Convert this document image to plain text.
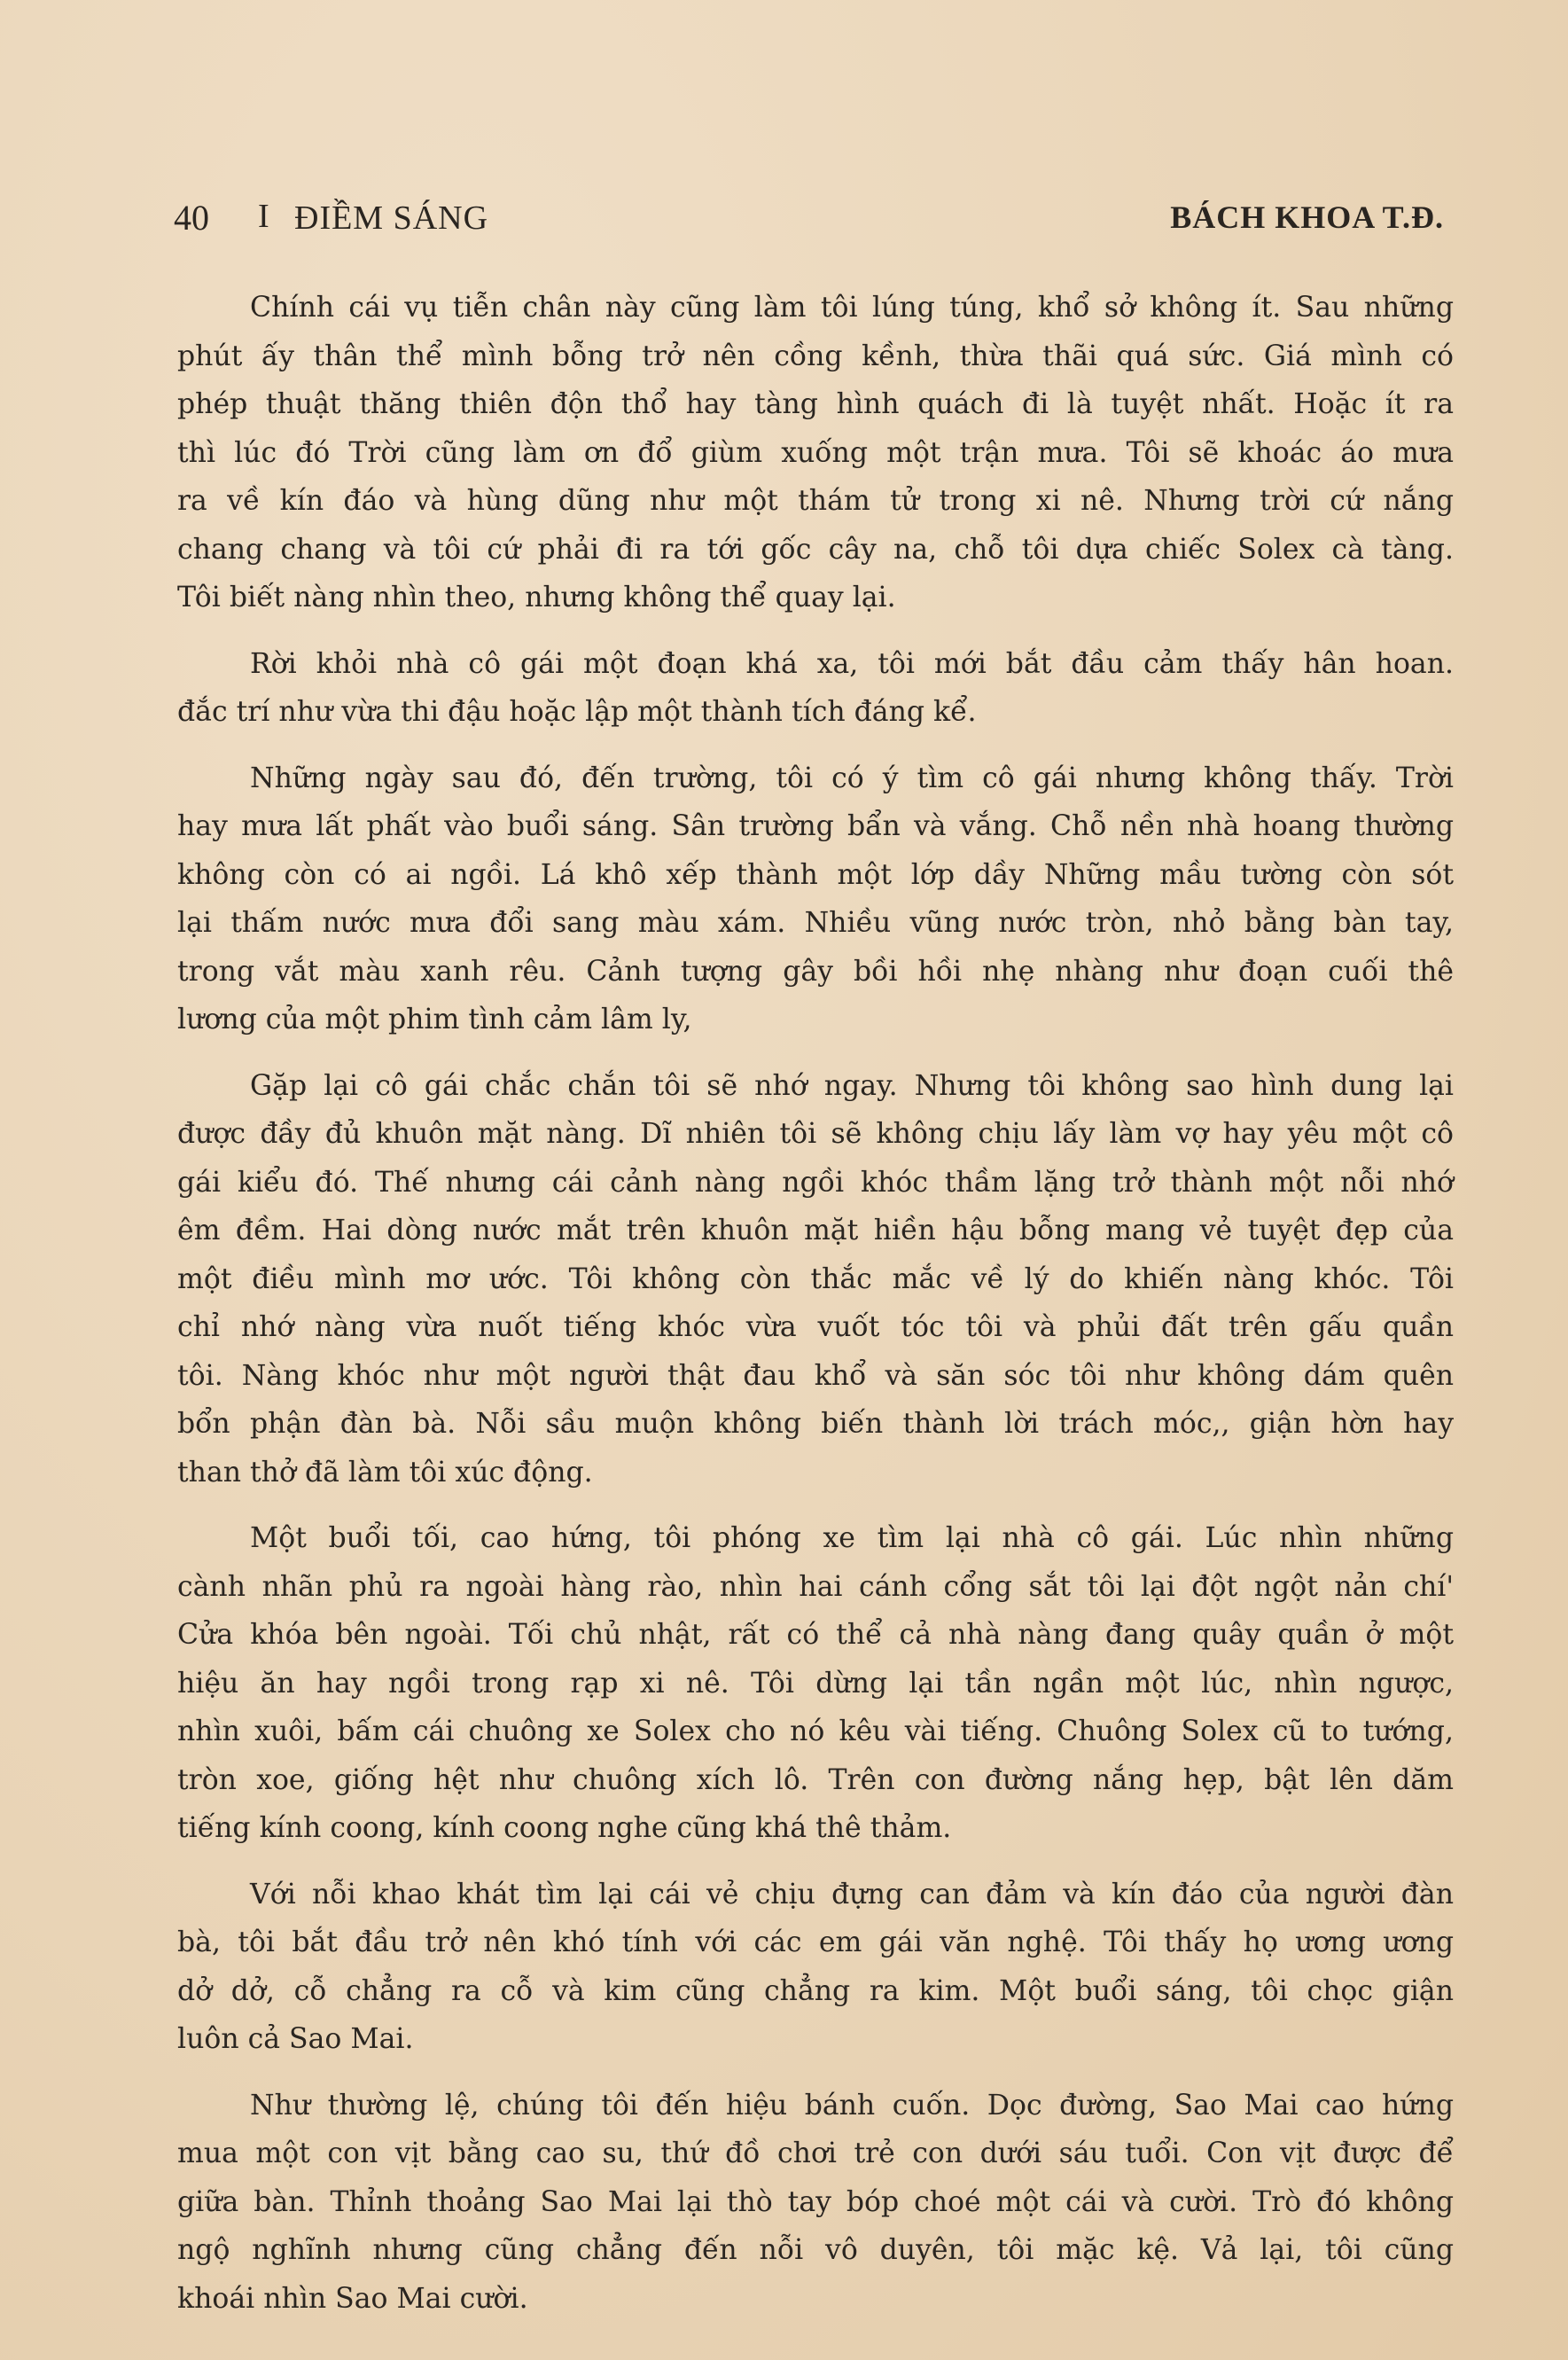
40 I ĐIỀM SÁNG	BÁCH KHOA T.Đ.
Chính cái vụ tiễn chân này cũng làm tôi lúng túng, khổ sở không ít. Sau những
phút ấy thân thể mình bỗng trở nên cồng kềnh, thừa thãi quá sức. Giá mình có
phép thuật thăng thiên độn thổ hay tàng hình quách đi là tuyệt nhất. Hoặc ít ra
thì lúc đó Trời cũng làm ơn đổ giùm xuống một trận mưa. Tôi sẽ khoác áo mưa
ra về kín đáo và hùng dũng như một thám tử trong xi nê. Nhưng trời cứ nắng
chang chang và tôi cứ phải đi ra tới gốc cây na, chỗ tôi dựa chiếc Solex cà tàng.
Tôi biết nàng nhìn theo, nhưng không thể quay lại.
Rời khỏi nhà cô gái một đoạn khá xa, tôi mới bắt đầu cảm thấy hân hoan.
đắc trí như vừa thi đậu hoặc lập một thành tích đáng kể.
Những ngày sau đó, đến trường, tôi có ý tìm cô gái nhưng không thấy. Trời
hay mưa lất phất vào buổi sáng. Sân trường bẩn và vắng. Chỗ nền nhà hoang thường
không còn có ai ngồi. Lá khô xếp thành một lớp dầy Những mầu tường còn sót
lại thấm nước mưa đổi sang màu xám. Nhiều vũng nước tròn, nhỏ bằng bàn tay,
trong vắt màu xanh rêu. Cảnh tượng gây bồi hồi nhẹ nhàng như đoạn cuối thê
lương của một phim tình cảm lâm ly,
Gặp lại cô gái chắc chắn tôi sẽ nhớ ngay. Nhưng tôi không sao hình dung lại
được đầy đủ khuôn mặt nàng. Dĩ nhiên tôi sẽ không chịu lấy làm vợ hay yêu một cô
gái kiểu đó. Thế nhưng cái cảnh nàng ngồi khóc thầm lặng trở thành một nỗi nhớ
êm đềm. Hai dòng nước mắt trên khuôn mặt hiền hậu bỗng mang vẻ tuyệt đẹp của
một điều mình mơ ước. Tôi không còn thắc mắc về lý do khiến nàng khóc. Tôi
chỉ nhớ nàng vừa nuốt tiếng khóc vừa vuốt tóc tôi và phủi đất trên gấu quần
tôi. Nàng khóc như một người thật đau khổ và săn sóc tôi như không dám quên
bổn phận đàn bà. Nỗi sầu muộn không biến thành lời trách móc,, giận hờn hay
than thở đã làm tôi xúc động.
Một buổi tối, cao hứng, tôi phóng xe tìm lại nhà cô gái. Lúc nhìn những
cành nhãn phủ ra ngoài hàng rào, nhìn hai cánh cổng sắt tôi lại đột ngột nản chí'
Cửa khóa bên ngoài. Tối chủ nhật, rất có thể cả nhà nàng đang quây quần ở một
hiệu ăn hay ngồi trong rạp xi nê. Tôi dừng lại tần ngần một lúc, nhìn ngược,
nhìn xuôi, bấm cái chuông xe Solex cho nó kêu vài tiếng. Chuông Solex cũ to tướng,
tròn xoe, giống hệt như chuông xích lô. Trên con đường nắng hẹp, bật lên dăm
tiếng kính coong, kính coong nghe cũng khá thê thảm.
Với nỗi khao khát tìm lại cái vẻ chịu đựng can đảm và kín đáo của người đàn
bà, tôi bắt đầu trở nên khó tính với các em gái văn nghệ. Tôi thấy họ ương ương
dở dở, cỗ chẳng ra cỗ và kim cũng chẳng ra kim. Một buổi sáng, tôi chọc giận
luôn cả Sao Mai.
Như thường lệ, chúng tôi đến hiệu bánh cuốn. Dọc đường, Sao Mai cao hứng
mua một con vịt bằng cao su, thứ đồ chơi trẻ con dưới sáu tuổi. Con vịt được để
giữa bàn. Thỉnh thoảng Sao Mai lại thò tay bóp choé một cái và cười. Trò đó không
ngộ nghĩnh nhưng cũng chẳng đến nỗi vô duyên, tôi mặc kệ. Vả lại, tôi cũng
khoái nhìn Sao Mai cười.
